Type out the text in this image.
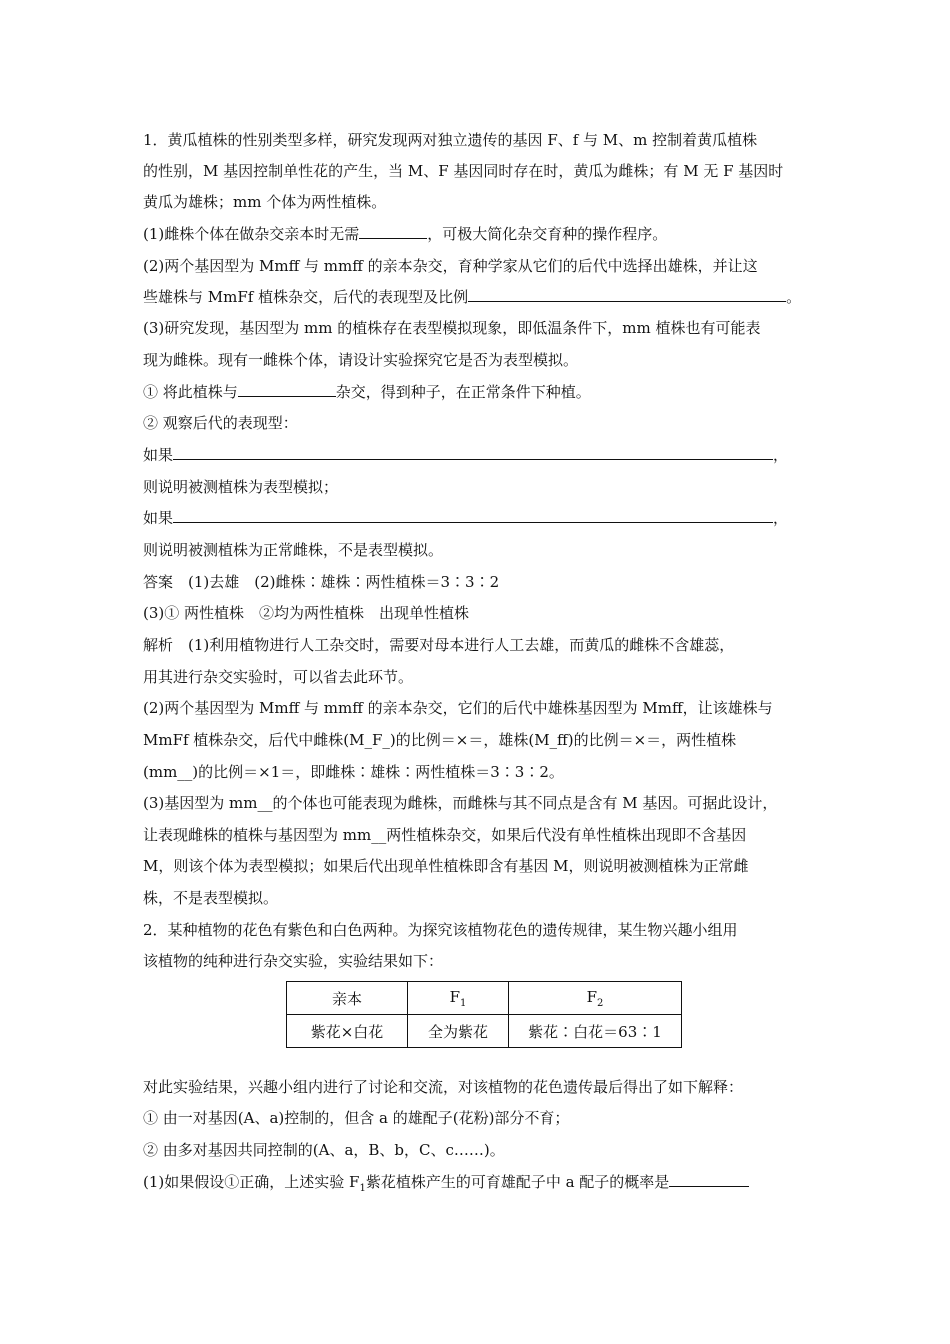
1．黄瓜植株的性别类型多样，研究发现两对独立遗传的基因 F、f 与 M、m 控制着黄瓜植株
的性别，M 基因控制单性花的产生，当 M、F 基因同时存在时，黄瓜为雌株；有 M 无 F 基因时
黄瓜为雄株；mm 个体为两性植株。
(1)雌株个体在做杂交亲本时无需	，可极大简化杂交育种的操作程序。
(2)两个基因型为 Mmff 与 mmff 的亲本杂交，育种学家从它们的后代中选择出雄株，并让这
些雄株与 MmFf 植株杂交，后代的表现型及比例	。
(3)研究发现，基因型为 mm 的植株存在表型模拟现象，即低温条件下，mm 植株也有可能表
现为雌株。现有一雌株个体，请设计实验探究它是否为表型模拟。
① 将此植株与	杂交，得到种子，在正常条件下种植。
② 观察后代的表现型：
如果	，
则说明被测植株为表型模拟；
如果	，
则说明被测植株为正常雌株，不是表型模拟。
答案　(1)去雄　(2)雌株∶雄株∶两性植株＝3∶3∶2
(3)① 两性植株　②均为两性植株　出现单性植株
解析　(1)利用植物进行人工杂交时，需要对母本进行人工去雄，而黄瓜的雌株不含雄蕊，
用其进行杂交实验时，可以省去此环节。
(2)两个基因型为 Mmff 与 mmff 的亲本杂交，它们的后代中雄株基因型为 Mmff，让该雄株与
MmFf 植株杂交，后代中雌株(M_F_)的比例＝×＝，雄株(M_ff)的比例＝×＝，两性植株
(mm__)的比例＝×1＝，即雌株∶雄株∶两性植株＝3∶3∶2。
(3)基因型为 mm__的个体也可能表现为雌株，而雌株与其不同点是含有 M 基因。可据此设计，
让表现雌株的植株与基因型为 mm__两性植株杂交，如果后代没有单性植株出现即不含基因
M，则该个体为表型模拟；如果后代出现单性植株即含有基因 M，则说明被测植株为正常雌
株，不是表型模拟。
2．某种植物的花色有紫色和白色两种。为探究该植物花色的遗传规律，某生物兴趣小组用
该植物的纯种进行杂交实验，实验结果如下：
亲本	$F_1$	$F_2$
紫花×白花	全为紫花	紫花∶白花＝63∶1
对此实验结果，兴趣小组内进行了讨论和交流，对该植物的花色遗传最后得出了如下解释：
① 由一对基因(A、a)控制的，但含 a 的雄配子(花粉)部分不育；
② 由多对基因共同控制的(A、a，B、b，C、c……)。
(1)如果假设①正确，上述实验 $F_1$紫花植株产生的可育雄配子中 a 配子的概率是
